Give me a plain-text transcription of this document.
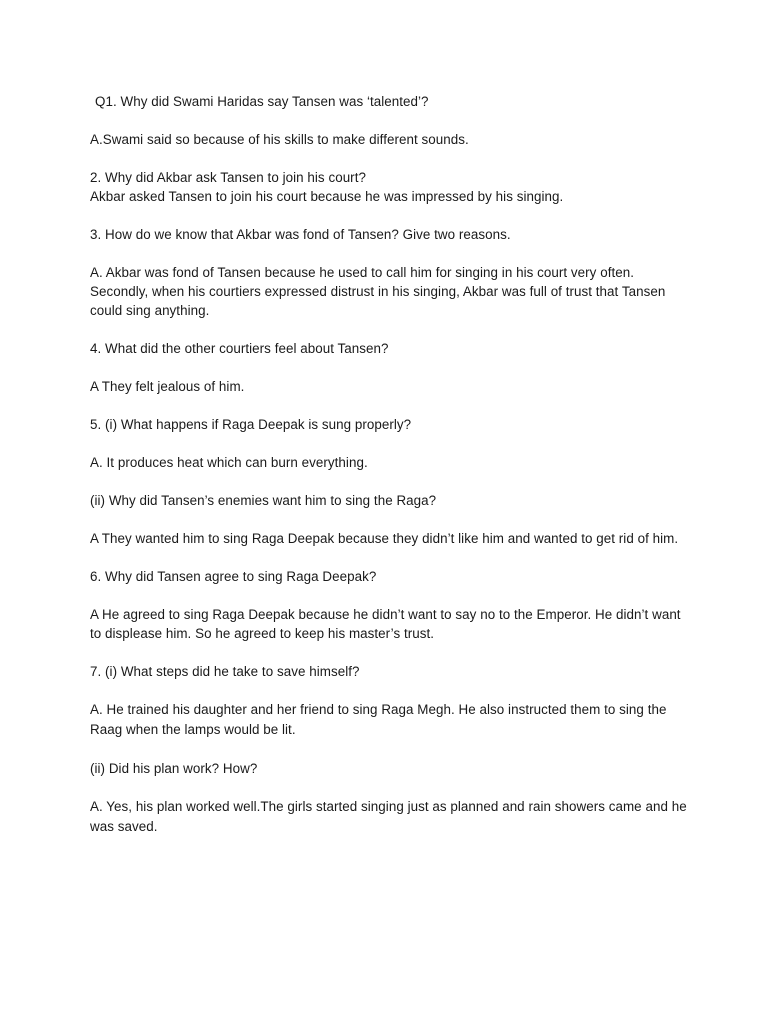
Q1. Why did Swami Haridas say Tansen was ‘talented’?

A.Swami said so because of his skills to make different sounds.

2. Why did Akbar ask Tansen to join his court?

Akbar asked Tansen to join his court because he was impressed by his singing.

3. How do we know that Akbar was fond of Tansen? Give two reasons.

A. Akbar was fond of Tansen because he used to call him for singing in his court very often. Secondly, when his courtiers expressed distrust in his singing, Akbar was full of trust that Tansen could sing anything.

4. What did the other courtiers feel about Tansen?

A They felt jealous of him.

5. (i) What happens if Raga Deepak is sung properly?

A. It produces heat which can burn everything.

(ii) Why did Tansen’s enemies want him to sing the Raga?

A They wanted him to sing Raga Deepak because they didn’t like him and wanted to get rid of him.

6. Why did Tansen agree to sing Raga Deepak?

A He agreed to sing Raga Deepak because he didn’t want to say no to the Emperor. He didn’t want to displease him. So he agreed to keep his master’s trust.

7. (i) What steps did he take to save himself?

A. He trained his daughter and her friend to sing Raga Megh. He also instructed them to sing the Raag when the lamps would be lit.

(ii) Did his plan work? How?

A. Yes, his plan worked well.The girls started singing just as planned and rain showers came and he was saved.
